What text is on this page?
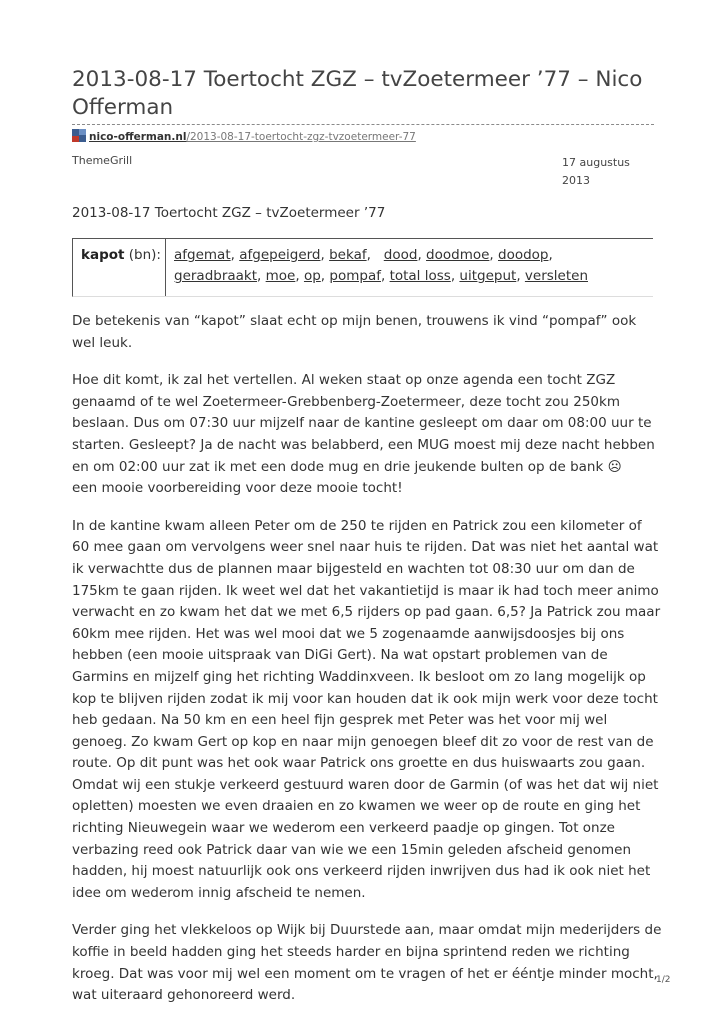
2013-08-17 Toertocht ZGZ – tvZoetermeer ’77 – Nico Offerman
nico-offerman.nl/2013-08-17-toertocht-zgz-tvzoetermeer-77
ThemeGrill	17 augustus
2013
2013-08-17 Toertocht ZGZ – tvZoetermeer ’77
kapot (bn): afgemat, afgepeigerd, bekaf,   dood, doodmoe, doodop,
geradbraakt, moe, op, pompaf, total loss, uitgeput, versleten

De betekenis van “kapot” slaat echt op mijn benen, trouwens ik vind “pompaf” ook wel leuk.

Hoe dit komt, ik zal het vertellen. Al weken staat op onze agenda een tocht ZGZ genaamd of te wel Zoetermeer-Grebbenberg-Zoetermeer, deze tocht zou 250km beslaan. Dus om 07:30 uur mijzelf naar de kantine gesleept om daar om 08:00 uur te starten. Gesleept? Ja de nacht was belabberd, een MUG moest mij deze nacht hebben en om 02:00 uur zat ik met een dode mug en drie jeukende bulten op de bank ☹
een mooie voorbereiding voor deze mooie tocht!

In de kantine kwam alleen Peter om de 250 te rijden en Patrick zou een kilometer of 60 mee gaan om vervolgens weer snel naar huis te rijden. Dat was niet het aantal wat ik verwachtte dus de plannen maar bijgesteld en wachten tot 08:30 uur om dan de 175km te gaan rijden. Ik weet wel dat het vakantietijd is maar ik had toch meer animo verwacht en zo kwam het dat we met 6,5 rijders op pad gaan. 6,5? Ja Patrick zou maar 60km mee rijden. Het was wel mooi dat we 5 zogenaamde aanwijsdoosjes bij ons hebben (een mooie uitspraak van DiGi Gert). Na wat opstart problemen van de Garmins en mijzelf ging het richting Waddinxveen. Ik besloot om zo lang mogelijk op kop te blijven rijden zodat ik mij voor kan houden dat ik ook mijn werk voor deze tocht heb gedaan. Na 50 km en een heel fijn gesprek met Peter was het voor mij wel genoeg. Zo kwam Gert op kop en naar mijn genoegen bleef dit zo voor de rest van de route. Op dit punt was het ook waar Patrick ons groette en dus huiswaarts zou gaan. Omdat wij een stukje verkeerd gestuurd waren door de Garmin (of was het dat wij niet opletten) moesten we even draaien en zo kwamen we weer op de route en ging het richting Nieuwegein waar we wederom een verkeerd paadje op gingen. Tot onze verbazing reed ook Patrick daar van wie we een 15min geleden afscheid genomen hadden, hij moest natuurlijk ook ons verkeerd rijden inwrijven dus had ik ook niet het idee om wederom innig afscheid te nemen.

Verder ging het vlekkeloos op Wijk bij Duurstede aan, maar omdat mijn mederijders de koffie in beeld hadden ging het steeds harder en bijna sprintend reden we richting kroeg. Dat was voor mij wel een moment om te vragen of het er ééntje minder mocht, wat uiteraard gehonoreerd werd.

1/2
